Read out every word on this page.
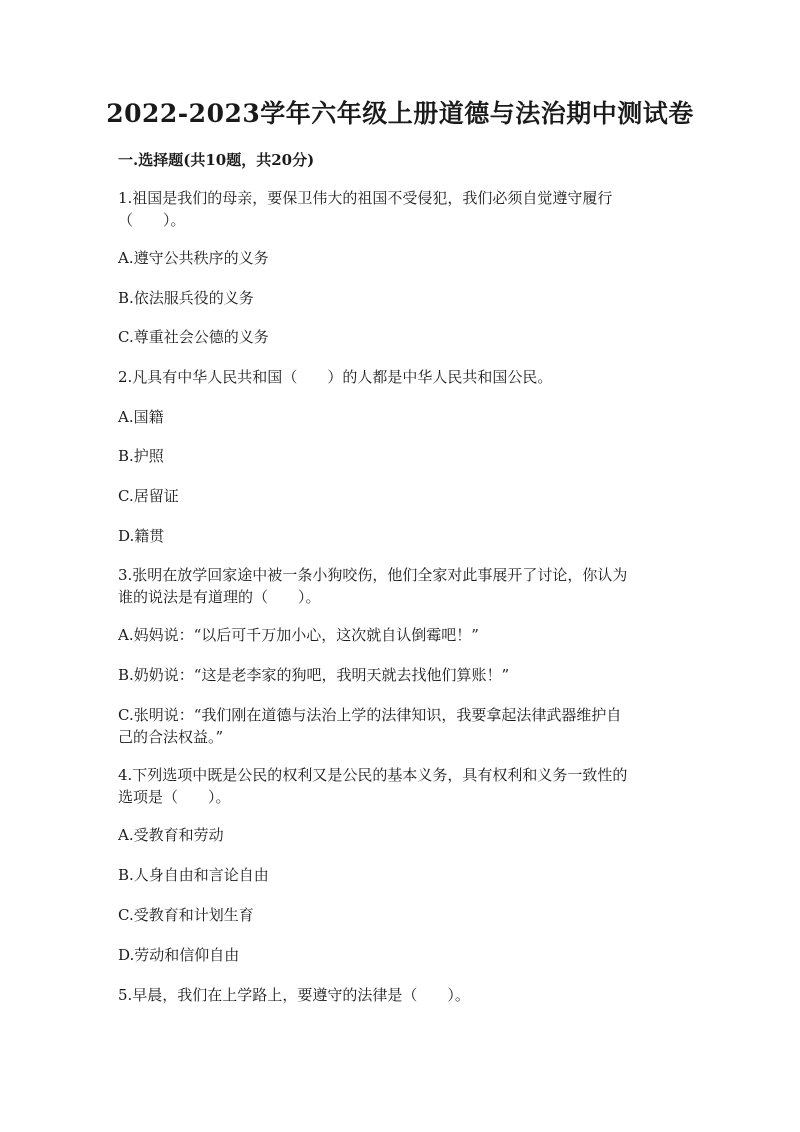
2022-2023学年六年级上册道德与法治期中测试卷
一.选择题(共10题，共20分)
1.祖国是我们的母亲，要保卫伟大的祖国不受侵犯，我们必须自觉遵守履行
（　　）。
A.遵守公共秩序的义务
B.依法服兵役的义务
C.尊重社会公德的义务
2.凡具有中华人民共和国（　　）的人都是中华人民共和国公民。
A.国籍
B.护照
C.居留证
D.籍贯
3.张明在放学回家途中被一条小狗咬伤，他们全家对此事展开了讨论，你认为
谁的说法是有道理的（　　）。
A.妈妈说：“以后可千万加小心，这次就自认倒霉吧！”
B.奶奶说：“这是老李家的狗吧，我明天就去找他们算账！”
C.张明说：“我们刚在道德与法治上学的法律知识，我要拿起法律武器维护自
己的合法权益。”
4.下列选项中既是公民的权利又是公民的基本义务，具有权利和义务一致性的
选项是（　　）。
A.受教育和劳动
B.人身自由和言论自由
C.受教育和计划生育
D.劳动和信仰自由
5.早晨，我们在上学路上，要遵守的法律是（　　）。
